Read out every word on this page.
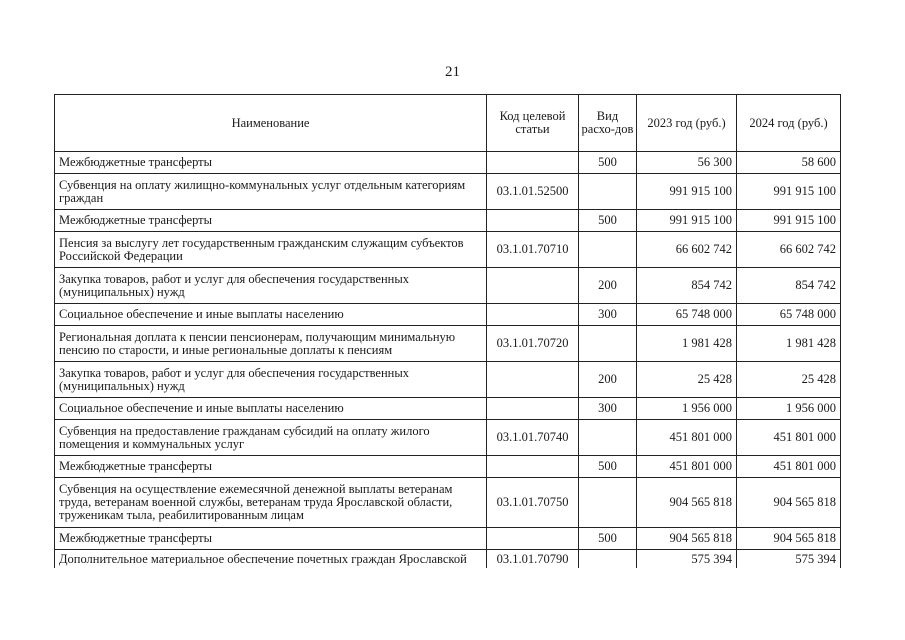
21
Наименование	Код целевой статьи	Вид расхо-дов	2023 год (руб.)	2024 год (руб.)
Межбюджетные трансферты		500	56 300	58 600
Субвенция на оплату жилищно-коммунальных услуг отдельным категориям граждан	03.1.01.52500		991 915 100	991 915 100
Межбюджетные трансферты		500	991 915 100	991 915 100
Пенсия за выслугу лет государственным гражданским служащим субъектов Российской Федерации	03.1.01.70710		66 602 742	66 602 742
Закупка товаров, работ и услуг для обеспечения государственных (муниципальных) нужд		200	854 742	854 742
Социальное обеспечение и иные выплаты населению		300	65 748 000	65 748 000
Региональная доплата к пенсии пенсионерам, получающим минимальную пенсию по старости, и иные региональные доплаты к пенсиям	03.1.01.70720		1 981 428	1 981 428
Закупка товаров, работ и услуг для обеспечения государственных (муниципальных) нужд		200	25 428	25 428
Социальное обеспечение и иные выплаты населению		300	1 956 000	1 956 000
Субвенция на предоставление гражданам субсидий на оплату жилого помещения и коммунальных услуг	03.1.01.70740		451 801 000	451 801 000
Межбюджетные трансферты		500	451 801 000	451 801 000
Субвенция на осуществление ежемесячной денежной выплаты ветеранам труда, ветеранам военной службы, ветеранам труда Ярославской области, труженикам тыла, реабилитированным лицам	03.1.01.70750		904 565 818	904 565 818
Межбюджетные трансферты		500	904 565 818	904 565 818
Дополнительное материальное обеспечение почетных граждан Ярославской	03.1.01.70790		575 394	575 394
